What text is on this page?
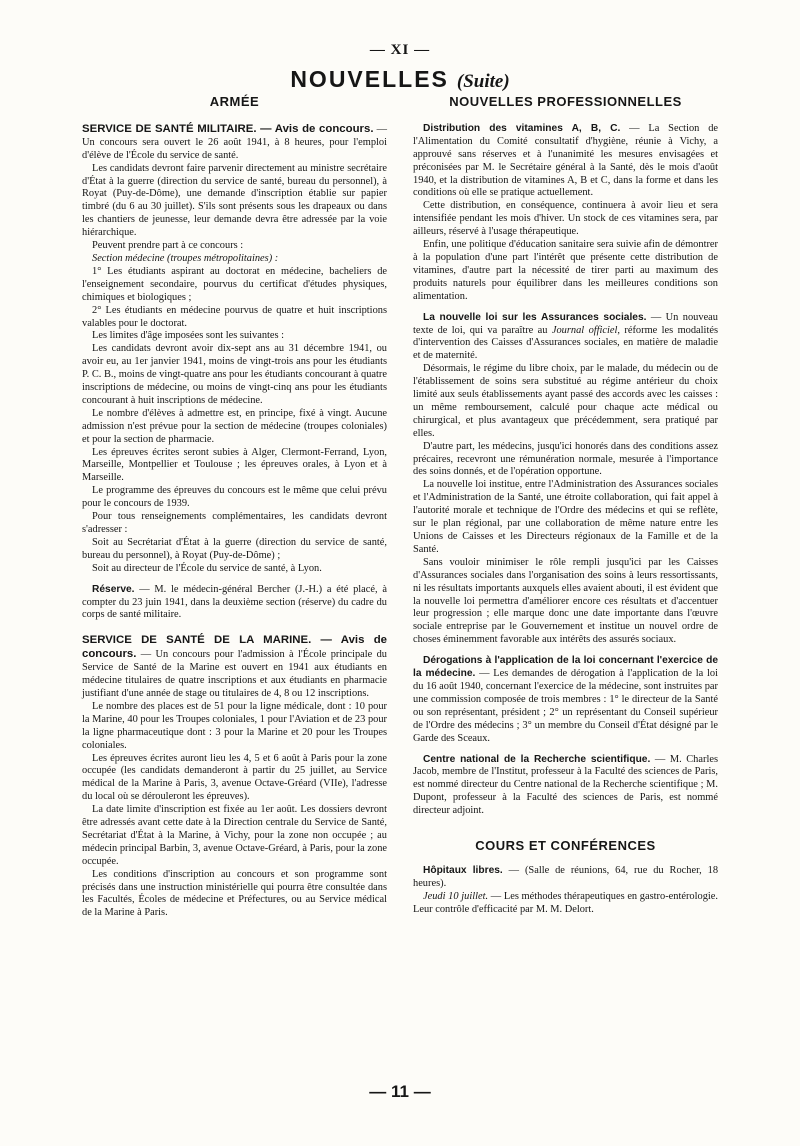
— XI —
NOUVELLES (Suite)
ARMÉE

SERVICE DE SANTÉ MILITAIRE. — Avis de concours. — Un concours sera ouvert le 26 août 1941, à 8 heures, pour l'emploi d'élève de l'École du service de santé.

Les candidats devront faire parvenir directement au ministre secrétaire d'État à la guerre (direction du service de santé, bureau du personnel), à Royat (Puy-de-Dôme), une demande d'inscription établie sur papier timbré (du 6 au 30 juillet). S'ils sont présents sous les drapeaux ou dans les chantiers de jeunesse, leur demande devra être adressée par la voie hiérarchique.

Peuvent prendre part à ce concours :

Section médecine (troupes métropolitaines) :

1° Les étudiants aspirant au doctorat en médecine, bacheliers de l'enseignement secondaire, pourvus du certificat d'études physiques, chimiques et biologiques ;

2° Les étudiants en médecine pourvus de quatre et huit inscriptions valables pour le doctorat.

Les limites d'âge imposées sont les suivantes :

Les candidats devront avoir dix-sept ans au 31 décembre 1941, ou avoir eu, au 1er janvier 1941, moins de vingt-trois ans pour les étudiants P. C. B., moins de vingt-quatre ans pour les étudiants concourant à quatre inscriptions de médecine, ou moins de vingt-cinq ans pour les étudiants concourant à huit inscriptions de médecine.

Le nombre d'élèves à admettre est, en principe, fixé à vingt. Aucune admission n'est prévue pour la section de médecine (troupes coloniales) et pour la section de pharmacie.

Les épreuves écrites seront subies à Alger, Clermont-Ferrand, Lyon, Marseille, Montpellier et Toulouse ; les épreuves orales, à Lyon et à Marseille.

Le programme des épreuves du concours est le même que celui prévu pour le concours de 1939.

Pour tous renseignements complémentaires, les candidats devront s'adresser :

Soit au Secrétariat d'État à la guerre (direction du service de santé, bureau du personnel), à Royat (Puy-de-Dôme) ;

Soit au directeur de l'École du service de santé, à Lyon.

Réserve. — M. le médecin-général Bercher (J.-H.) a été placé, à compter du 23 juin 1941, dans la deuxième section (réserve) du cadre du corps de santé militaire.

SERVICE DE SANTÉ DE LA MARINE. — Avis de concours. — Un concours pour l'admission à l'École principale du Service de Santé de la Marine est ouvert en 1941 aux étudiants en médecine titulaires de quatre inscriptions et aux étudiants en pharmacie justifiant d'une année de stage ou titulaires de 4, 8 ou 12 inscriptions.

Le nombre des places est de 51 pour la ligne médicale, dont : 10 pour la Marine, 40 pour les Troupes coloniales, 1 pour l'Aviation et de 23 pour la ligne pharmaceutique dont : 3 pour la Marine et 20 pour les Troupes coloniales.

Les épreuves écrites auront lieu les 4, 5 et 6 août à Paris pour la zone occupée (les candidats demanderont à partir du 25 juillet, au Service médical de la Marine à Paris, 3, avenue Octave-Gréard (VIIe), l'adresse du local où se dérouleront les épreuves).

La date limite d'inscription est fixée au 1er août. Les dossiers devront être adressés avant cette date à la Direction centrale du Service de Santé, Secrétariat d'État à la Marine, à Vichy, pour la zone non occupée ; au médecin principal Barbin, 3, avenue Octave-Gréard, à Paris, pour la zone occupée.

Les conditions d'inscription au concours et son programme sont précisés dans une instruction ministérielle qui pourra être consultée dans les Facultés, Écoles de médecine et Préfectures, ou au Service médical de la Marine à Paris.

NOUVELLES PROFESSIONNELLES

Distribution des vitamines A, B, C. — La Section de l'Alimentation du Comité consultatif d'hygiène, réunie à Vichy, a approuvé sans réserves et à l'unanimité les mesures envisagées et préconisées par M. le Secrétaire général à la Santé, dès le mois d'août 1940, et la distribution de vitamines A, B et C, dans la forme et dans les conditions où elle se pratique actuellement.

Cette distribution, en conséquence, continuera à avoir lieu et sera intensifiée pendant les mois d'hiver. Un stock de ces vitamines sera, par ailleurs, réservé à l'usage thérapeutique.

Enfin, une politique d'éducation sanitaire sera suivie afin de démontrer à la population d'une part l'intérêt que présente cette distribution de vitamines, d'autre part la nécessité de tirer parti au maximum des produits naturels pour équilibrer dans les meilleures conditions son alimentation.

La nouvelle loi sur les Assurances sociales. — Un nouveau texte de loi, qui va paraître au Journal officiel, réforme les modalités d'intervention des Caisses d'Assurances sociales, en matière de maladie et de maternité.

Désormais, le régime du libre choix, par le malade, du médecin ou de l'établissement de soins sera substitué au régime antérieur du choix limité aux seuls établissements ayant passé des accords avec les caisses : un même remboursement, calculé pour chaque acte médical ou chirurgical, et plus avantageux que précédemment, sera pratiqué par elles.

D'autre part, les médecins, jusqu'ici honorés dans des conditions assez précaires, recevront une rémunération normale, mesurée à l'importance des soins donnés, et de l'opération opportune.

La nouvelle loi institue, entre l'Administration des Assurances sociales et l'Administration de la Santé, une étroite collaboration, qui fait appel à l'autorité morale et technique de l'Ordre des médecins et qui se reflète, sur le plan régional, par une collaboration de même nature entre les Unions de Caisses et les Directeurs régionaux de la Famille et de la Santé.

Sans vouloir minimiser le rôle rempli jusqu'ici par les Caisses d'Assurances sociales dans l'organisation des soins à leurs ressortissants, ni les résultats importants auxquels elles avaient abouti, il est évident que la nouvelle loi permettra d'améliorer encore ces résultats et d'accentuer leur progression ; elle marque donc une date importante dans l'œuvre sociale entreprise par le Gouvernement et institue un nouvel ordre de choses éminemment favorable aux intérêts des assurés sociaux.

Dérogations à l'application de la loi concernant l'exercice de la médecine. — Les demandes de dérogation à l'application de la loi du 16 août 1940, concernant l'exercice de la médecine, sont instruites par une commission composée de trois membres : 1° le directeur de la Santé ou son représentant, président ; 2° un représentant du Conseil supérieur de l'Ordre des médecins ; 3° un membre du Conseil d'État désigné par le Garde des Sceaux.

Centre national de la Recherche scientifique. — M. Charles Jacob, membre de l'Institut, professeur à la Faculté des sciences de Paris, est nommé directeur du Centre national de la Recherche scientifique ; M. Dupont, professeur à la Faculté des sciences de Paris, est nommé directeur adjoint.

COURS ET CONFÉRENCES

Hôpitaux libres. — (Salle de réunions, 64, rue du Rocher, 18 heures).

Jeudi 10 juillet. — Les méthodes thérapeutiques en gastro-entérologie. Leur contrôle d'efficacité par M. M. Delort.

— 11 —
